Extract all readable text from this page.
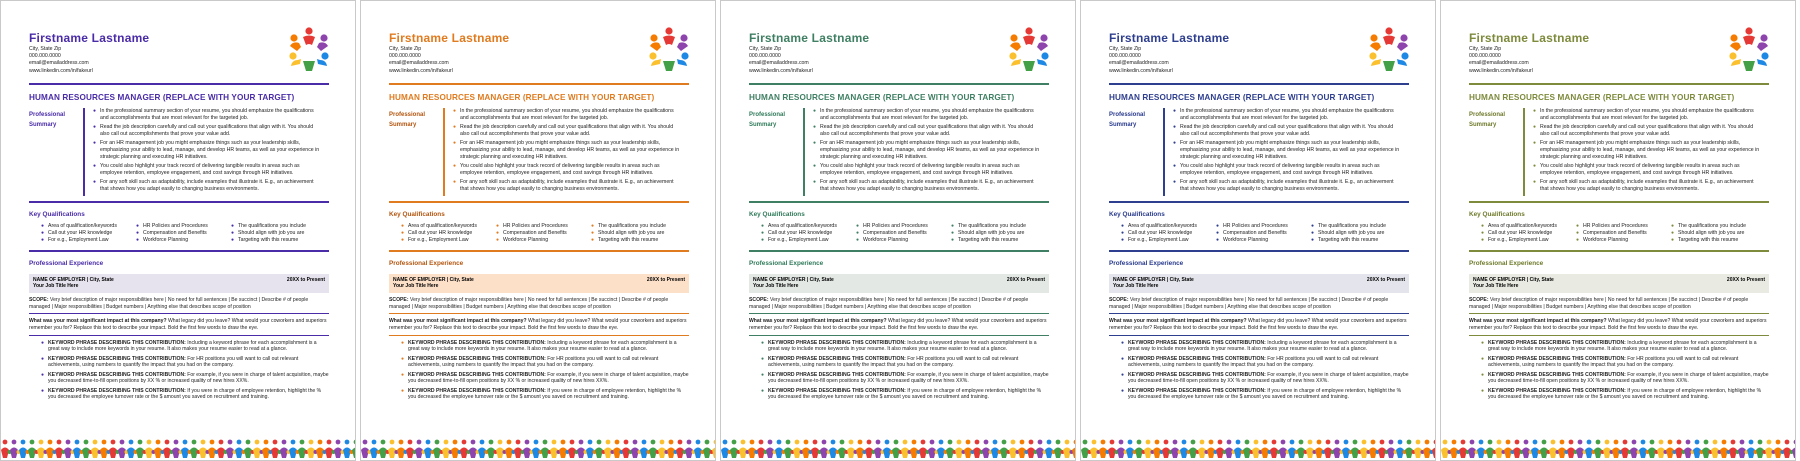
Firstname Lastname
City, State Zip
000.000.0000
email@emailaddress.com
www.linkedin.com/in/fakeurl
HUMAN RESOURCES MANAGER (REPLACE WITH YOUR TARGET)
Professional
Summary
● In the professional summary section of your resume, you should emphasize the qualifications and accomplishments that are most relevant for the targeted job.
● Read the job description carefully and call out your qualifications that align with it. You should also call out accomplishments that prove your value add.
● For an HR management job you might emphasize things such as your leadership skills, emphasizing your ability to lead, manage, and develop HR teams, as well as your experience in strategic planning and executing HR initiatives.
● You could also highlight your track record of delivering tangible results in areas such as employee retention, employee engagement, and cost savings through HR initiatives.
● For any soft skill such as adaptability, include examples that illustrate it. E.g., an achievement that shows how you adapt easily to changing business environments.
Key Qualifications
● Area of qualification/keywords
● Call out your HR knowledge
● For e.g., Employment Law
● HR Policies and Procedures
● Compensation and Benefits
● Workforce Planning
● The qualifications you include
● Should align with job you are
● Targeting with this resume
Professional Experience
NAME OF EMPLOYER | City, State
Your Job Title Here
20XX to Present
SCOPE: Very brief description of major responsibilities here | No need for full sentences | Be succinct | Describe # of people managed | Major responsibilities | Budget numbers | Anything else that describes scope of position
What was your most significant impact at this company? What legacy did you leave? What would your coworkers and superiors remember you for? Replace this text to describe your impact. Bold the first few words to draw the eye.
● KEYWORD PHRASE DESCRIBING THIS CONTRIBUTION: Including a keyword phrase for each accomplishment is a great way to include more keywords in your resume. It also makes your resume easier to read at a glance.
● KEYWORD PHRASE DESCRIBING THIS CONTRIBUTION: For HR positions you will want to call out relevant achievements, using numbers to quantify the impact that you had on the company.
● KEYWORD PHRASE DESCRIBING THIS CONTRIBUTION: For example, if you were in charge of talent acquisition, maybe you decreased time-to-fill open positions by XX % or increased quality of new hires XX%.
● KEYWORD PHRASE DESCRIBING THIS CONTRIBUTION: If you were in charge of employee retention, highlight the % you decreased the employee turnover rate or the $ amount you saved on recruitment and training.
Firstname Lastname
City, State Zip
000.000.0000
email@emailaddress.com
www.linkedin.com/in/fakeurl
HUMAN RESOURCES MANAGER (REPLACE WITH YOUR TARGET)
Professional
Summary
● In the professional summary section of your resume, you should emphasize the qualifications and accomplishments that are most relevant for the targeted job.
● Read the job description carefully and call out your qualifications that align with it. You should also call out accomplishments that prove your value add.
● For an HR management job you might emphasize things such as your leadership skills, emphasizing your ability to lead, manage, and develop HR teams, as well as your experience in strategic planning and executing HR initiatives.
● You could also highlight your track record of delivering tangible results in areas such as employee retention, employee engagement, and cost savings through HR initiatives.
● For any soft skill such as adaptability, include examples that illustrate it. E.g., an achievement that shows how you adapt easily to changing business environments.
Key Qualifications
● Area of qualification/keywords
● Call out your HR knowledge
● For e.g., Employment Law
● HR Policies and Procedures
● Compensation and Benefits
● Workforce Planning
● The qualifications you include
● Should align with job you are
● Targeting with this resume
Professional Experience
NAME OF EMPLOYER | City, State
Your Job Title Here
20XX to Present
SCOPE: Very brief description of major responsibilities here | No need for full sentences | Be succinct | Describe # of people managed | Major responsibilities | Budget numbers | Anything else that describes scope of position
What was your most significant impact at this company? What legacy did you leave? What would your coworkers and superiors remember you for? Replace this text to describe your impact. Bold the first few words to draw the eye.
● KEYWORD PHRASE DESCRIBING THIS CONTRIBUTION: Including a keyword phrase for each accomplishment is a great way to include more keywords in your resume. It also makes your resume easier to read at a glance.
● KEYWORD PHRASE DESCRIBING THIS CONTRIBUTION: For HR positions you will want to call out relevant achievements, using numbers to quantify the impact that you had on the company.
● KEYWORD PHRASE DESCRIBING THIS CONTRIBUTION: For example, if you were in charge of talent acquisition, maybe you decreased time-to-fill open positions by XX % or increased quality of new hires XX%.
● KEYWORD PHRASE DESCRIBING THIS CONTRIBUTION: If you were in charge of employee retention, highlight the % you decreased the employee turnover rate or the $ amount you saved on recruitment and training.
Firstname Lastname
City, State Zip
000.000.0000
email@emailaddress.com
www.linkedin.com/in/fakeurl
HUMAN RESOURCES MANAGER (REPLACE WITH YOUR TARGET)
Professional
Summary
● In the professional summary section of your resume, you should emphasize the qualifications and accomplishments that are most relevant for the targeted job.
● Read the job description carefully and call out your qualifications that align with it. You should also call out accomplishments that prove your value add.
● For an HR management job you might emphasize things such as your leadership skills, emphasizing your ability to lead, manage, and develop HR teams, as well as your experience in strategic planning and executing HR initiatives.
● You could also highlight your track record of delivering tangible results in areas such as employee retention, employee engagement, and cost savings through HR initiatives.
● For any soft skill such as adaptability, include examples that illustrate it. E.g., an achievement that shows how you adapt easily to changing business environments.
Key Qualifications
● Area of qualification/keywords
● Call out your HR knowledge
● For e.g., Employment Law
● HR Policies and Procedures
● Compensation and Benefits
● Workforce Planning
● The qualifications you include
● Should align with job you are
● Targeting with this resume
Professional Experience
NAME OF EMPLOYER | City, State
Your Job Title Here
20XX to Present
SCOPE: Very brief description of major responsibilities here | No need for full sentences | Be succinct | Describe # of people managed | Major responsibilities | Budget numbers | Anything else that describes scope of position
What was your most significant impact at this company? What legacy did you leave? What would your coworkers and superiors remember you for? Replace this text to describe your impact. Bold the first few words to draw the eye.
● KEYWORD PHRASE DESCRIBING THIS CONTRIBUTION: Including a keyword phrase for each accomplishment is a great way to include more keywords in your resume. It also makes your resume easier to read at a glance.
● KEYWORD PHRASE DESCRIBING THIS CONTRIBUTION: For HR positions you will want to call out relevant achievements, using numbers to quantify the impact that you had on the company.
● KEYWORD PHRASE DESCRIBING THIS CONTRIBUTION: For example, if you were in charge of talent acquisition, maybe you decreased time-to-fill open positions by XX % or increased quality of new hires XX%.
● KEYWORD PHRASE DESCRIBING THIS CONTRIBUTION: If you were in charge of employee retention, highlight the % you decreased the employee turnover rate or the $ amount you saved on recruitment and training.
Firstname Lastname
City, State Zip
000.000.0000
email@emailaddress.com
www.linkedin.com/in/fakeurl
HUMAN RESOURCES MANAGER (REPLACE WITH YOUR TARGET)
Professional
Summary
● In the professional summary section of your resume, you should emphasize the qualifications and accomplishments that are most relevant for the targeted job.
● Read the job description carefully and call out your qualifications that align with it. You should also call out accomplishments that prove your value add.
● For an HR management job you might emphasize things such as your leadership skills, emphasizing your ability to lead, manage, and develop HR teams, as well as your experience in strategic planning and executing HR initiatives.
● You could also highlight your track record of delivering tangible results in areas such as employee retention, employee engagement, and cost savings through HR initiatives.
● For any soft skill such as adaptability, include examples that illustrate it. E.g., an achievement that shows how you adapt easily to changing business environments.
Key Qualifications
● Area of qualification/keywords
● Call out your HR knowledge
● For e.g., Employment Law
● HR Policies and Procedures
● Compensation and Benefits
● Workforce Planning
● The qualifications you include
● Should align with job you are
● Targeting with this resume
Professional Experience
NAME OF EMPLOYER | City, State
Your Job Title Here
20XX to Present
SCOPE: Very brief description of major responsibilities here | No need for full sentences | Be succinct | Describe # of people managed | Major responsibilities | Budget numbers | Anything else that describes scope of position
What was your most significant impact at this company? What legacy did you leave? What would your coworkers and superiors remember you for? Replace this text to describe your impact. Bold the first few words to draw the eye.
● KEYWORD PHRASE DESCRIBING THIS CONTRIBUTION: Including a keyword phrase for each accomplishment is a great way to include more keywords in your resume. It also makes your resume easier to read at a glance.
● KEYWORD PHRASE DESCRIBING THIS CONTRIBUTION: For HR positions you will want to call out relevant achievements, using numbers to quantify the impact that you had on the company.
● KEYWORD PHRASE DESCRIBING THIS CONTRIBUTION: For example, if you were in charge of talent acquisition, maybe you decreased time-to-fill open positions by XX % or increased quality of new hires XX%.
● KEYWORD PHRASE DESCRIBING THIS CONTRIBUTION: If you were in charge of employee retention, highlight the % you decreased the employee turnover rate or the $ amount you saved on recruitment and training.
Firstname Lastname
City, State Zip
000.000.0000
email@emailaddress.com
www.linkedin.com/in/fakeurl
HUMAN RESOURCES MANAGER (REPLACE WITH YOUR TARGET)
Professional
Summary
● In the professional summary section of your resume, you should emphasize the qualifications and accomplishments that are most relevant for the targeted job.
● Read the job description carefully and call out your qualifications that align with it. You should also call out accomplishments that prove your value add.
● For an HR management job you might emphasize things such as your leadership skills, emphasizing your ability to lead, manage, and develop HR teams, as well as your experience in strategic planning and executing HR initiatives.
● You could also highlight your track record of delivering tangible results in areas such as employee retention, employee engagement, and cost savings through HR initiatives.
● For any soft skill such as adaptability, include examples that illustrate it. E.g., an achievement that shows how you adapt easily to changing business environments.
Key Qualifications
● Area of qualification/keywords
● Call out your HR knowledge
● For e.g., Employment Law
● HR Policies and Procedures
● Compensation and Benefits
● Workforce Planning
● The qualifications you include
● Should align with job you are
● Targeting with this resume
Professional Experience
NAME OF EMPLOYER | City, State
Your Job Title Here
20XX to Present
SCOPE: Very brief description of major responsibilities here | No need for full sentences | Be succinct | Describe # of people managed | Major responsibilities | Budget numbers | Anything else that describes scope of position
What was your most significant impact at this company? What legacy did you leave? What would your coworkers and superiors remember you for? Replace this text to describe your impact. Bold the first few words to draw the eye.
● KEYWORD PHRASE DESCRIBING THIS CONTRIBUTION: Including a keyword phrase for each accomplishment is a great way to include more keywords in your resume. It also makes your resume easier to read at a glance.
● KEYWORD PHRASE DESCRIBING THIS CONTRIBUTION: For HR positions you will want to call out relevant achievements, using numbers to quantify the impact that you had on the company.
● KEYWORD PHRASE DESCRIBING THIS CONTRIBUTION: For example, if you were in charge of talent acquisition, maybe you decreased time-to-fill open positions by XX % or increased quality of new hires XX%.
● KEYWORD PHRASE DESCRIBING THIS CONTRIBUTION: If you were in charge of employee retention, highlight the % you decreased the employee turnover rate or the $ amount you saved on recruitment and training.
